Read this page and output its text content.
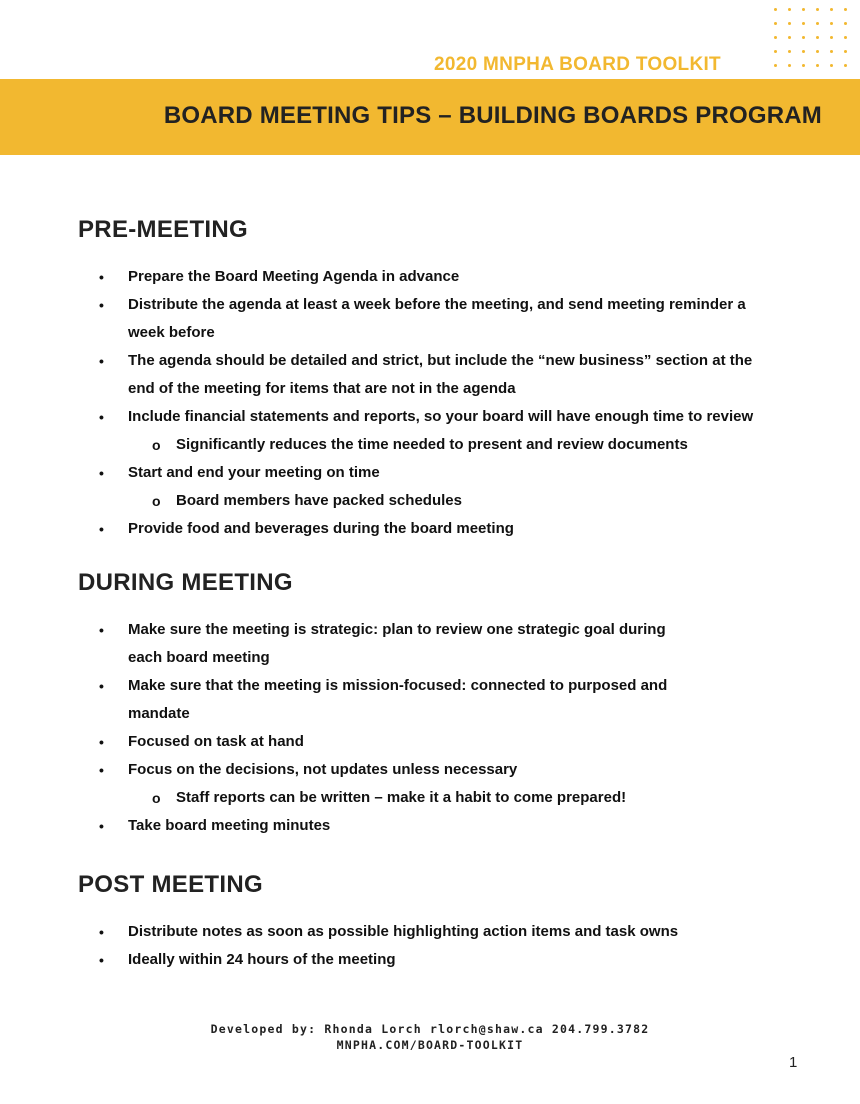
2020 MNPHA BOARD TOOLKIT
BOARD MEETING TIPS – BUILDING BOARDS PROGRAM
PRE-MEETING
• Prepare the Board Meeting Agenda in advance
• Distribute the agenda at least a week before the meeting, and send meeting reminder a
week before
• The agenda should be detailed and strict, but include the “new business” section at the
end of the meeting for items that are not in the agenda
• Include financial statements and reports, so your board will have enough time to review
o Significantly reduces the time needed to present and review documents
• Start and end your meeting on time
o Board members have packed schedules
• Provide food and beverages during the board meeting
DURING MEETING
• Make sure the meeting is strategic: plan to review one strategic goal during
each board meeting
• Make sure that the meeting is mission-focused: connected to purposed and
mandate
• Focused on task at hand
• Focus on the decisions, not updates unless necessary
o Staff reports can be written – make it a habit to come prepared!
• Take board meeting minutes
POST MEETING
• Distribute notes as soon as possible highlighting action items and task owns
• Ideally within 24 hours of the meeting
Developed by: Rhonda Lorch rlorch@shaw.ca 204.799.3782
MNPHA.COM/BOARD-TOOLKIT
1
